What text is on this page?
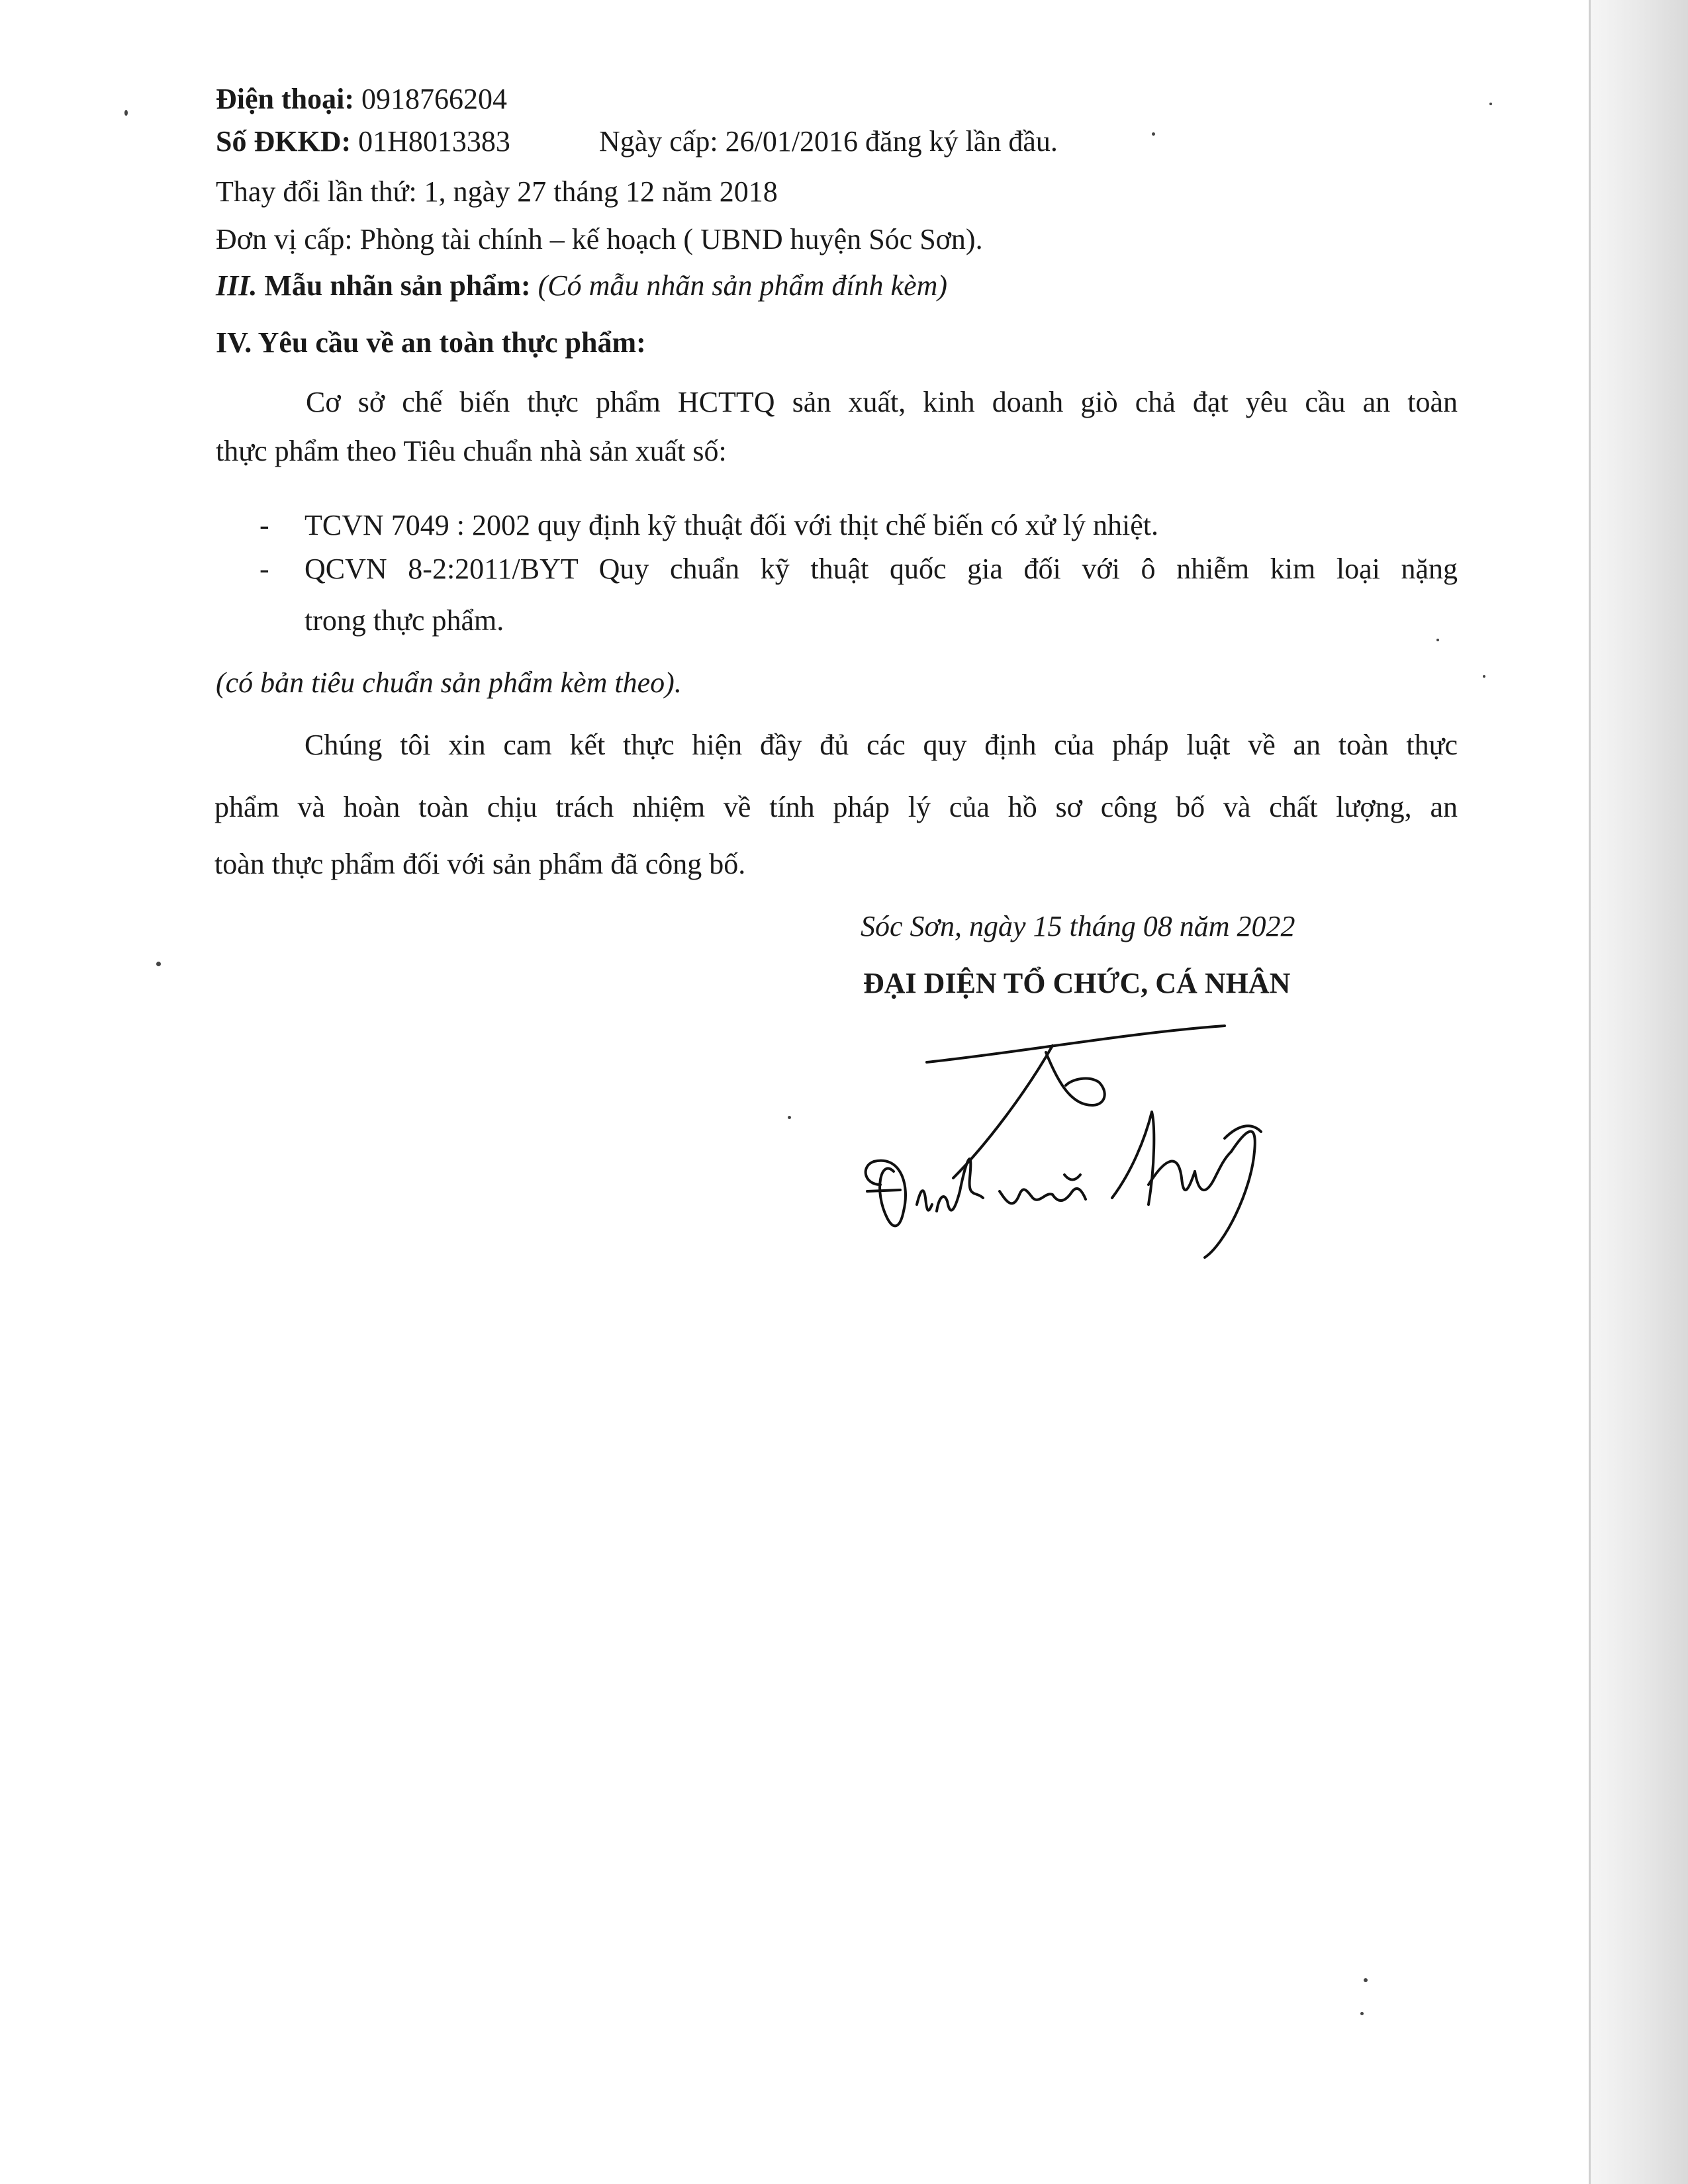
Điện thoại: 0918766204
Số ĐKKD: 01H8013383	Ngày cấp: 26/01/2016 đăng ký lần đầu.
Thay đổi lần thứ: 1, ngày 27 tháng 12 năm 2018
Đơn vị cấp: Phòng tài chính – kế hoạch ( UBND huyện Sóc Sơn).
III. Mẫu nhãn sản phẩm: (Có mẫu nhãn sản phẩm đính kèm)
IV. Yêu cầu về an toàn thực phẩm:
Cơ sở chế biến thực phẩm HCTTQ sản xuất, kinh doanh giò chả đạt yêu cầu an toàn
thực phẩm theo Tiêu chuẩn nhà sản xuất số:
- TCVN 7049 : 2002 quy định kỹ thuật đối với thịt chế biến có xử lý nhiệt.
- QCVN 8-2:2011/BYT Quy chuẩn kỹ thuật quốc gia đối với ô nhiễm kim loại nặng
trong thực phẩm.
(có bản tiêu chuẩn sản phẩm kèm theo).
Chúng tôi xin cam kết thực hiện đầy đủ các quy định của pháp luật về an toàn thực
phẩm và hoàn toàn chịu trách nhiệm về tính pháp lý của hồ sơ công bố và chất lượng, an
toàn thực phẩm đối với sản phẩm đã công bố.
Sóc Sơn, ngày 15 tháng 08 năm 2022
ĐẠI DIỆN TỔ CHỨC, CÁ NHÂN
